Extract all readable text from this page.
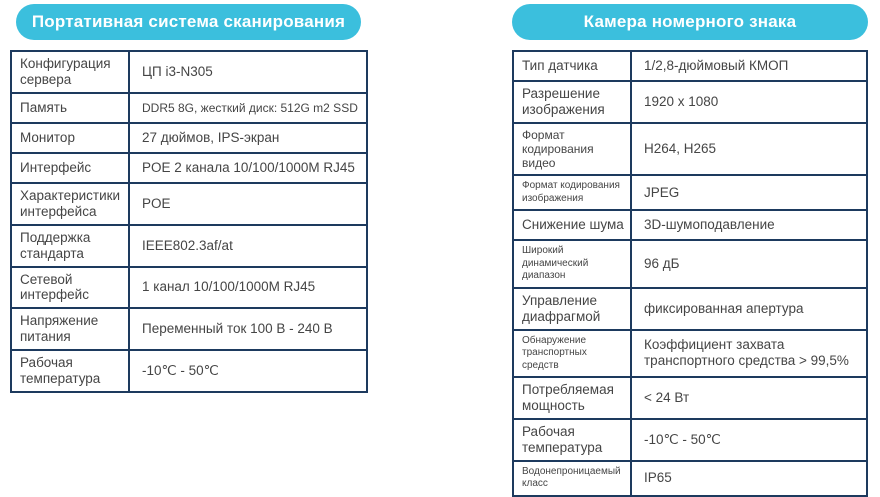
Портативная система сканирования
Конфигурация сервера	ЦП i3-N305
Память	DDR5 8G, жесткий диск: 512G m2 SSD
Монитор	27 дюймов, IPS-экран
Интерфейс	POE 2 канала 10/100/1000M RJ45
Характеристики интерфейса	POE
Поддержка стандарта	IEEE802.3af/at
Сетевой интерфейс	1 канал 10/100/1000M RJ45
Напряжение питания	Переменный ток 100 В - 240 В
Рабочая температура	-10℃ - 50℃
Камера номерного знака
Тип датчика	1/2,8-дюймовый КМОП
Разрешение изображения	1920 x 1080
Формат кодирования видео	H264, H265
Формат кодирования изображения	JPEG
Снижение шума	3D-шумоподавление
Широкий динамический диапазон	96 дБ
Управление диафрагмой	фиксированная апертура
Обнаружение транспортных средств	Коэффициент захвата транспортного средства > 99,5%
Потребляемая мощность	< 24 Вт
Рабочая температура	-10℃ - 50℃
Водонепроницаемый класс	IP65
